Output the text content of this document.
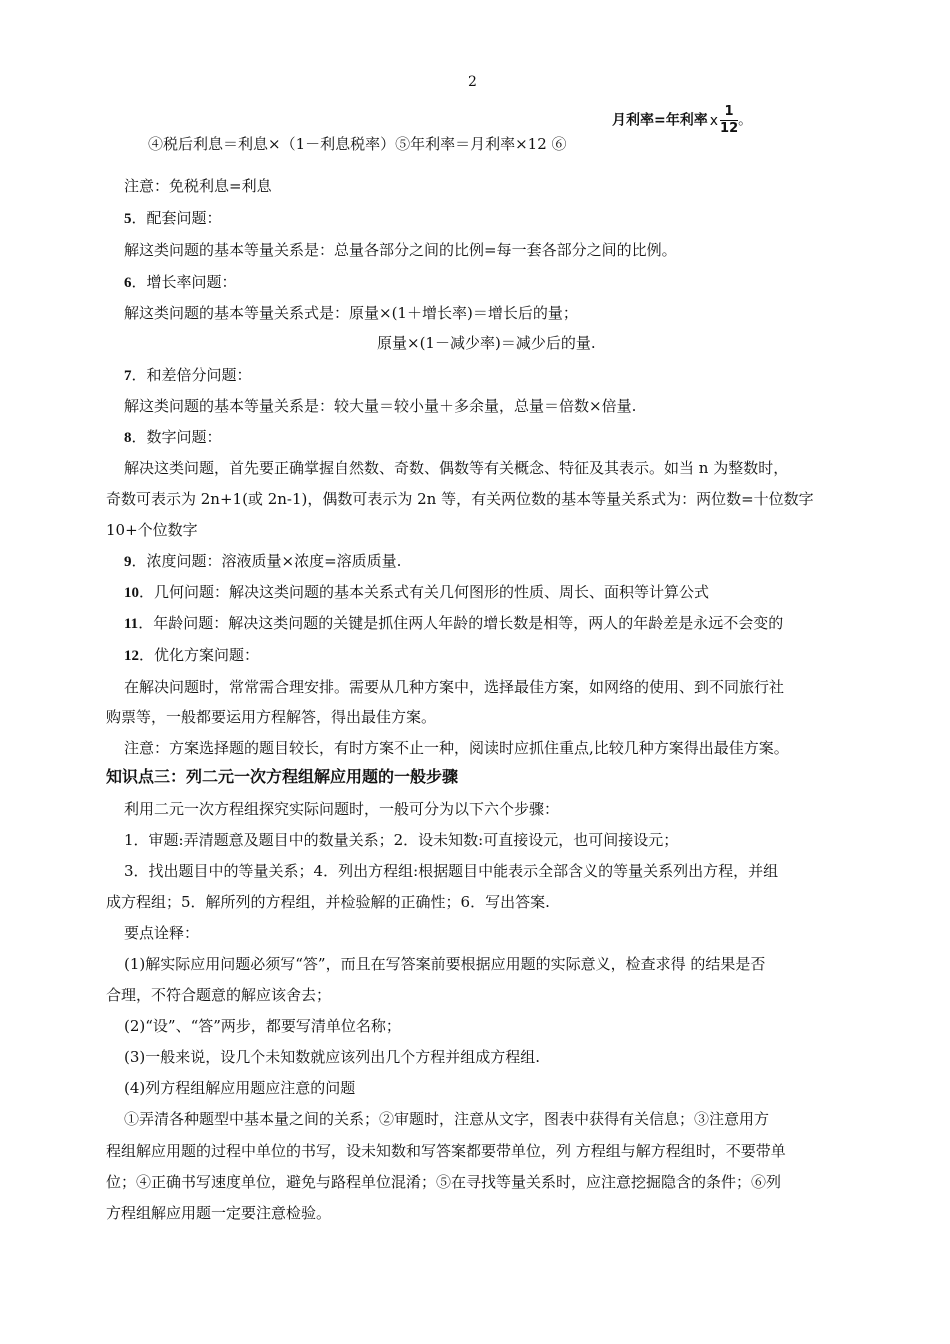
2
月利率=年利率 x $\frac{1}{12}$ 。
④税后利息＝利息×（1－利息税率）⑤年利率＝月利率×12 ⑥
注意：免税利息=利息
5．配套问题：
解这类问题的基本等量关系是：总量各部分之间的比例=每一套各部分之间的比例。
6．增长率问题：
解这类问题的基本等量关系式是：原量×(1＋增长率)＝增长后的量；
原量×(1－减少率)＝减少后的量.
7．和差倍分问题：
解这类问题的基本等量关系是：较大量＝较小量＋多余量，总量＝倍数×倍量.
8．数字问题：
解决这类问题，首先要正确掌握自然数、奇数、偶数等有关概念、特征及其表示。如当 n 为整数时，
奇数可表示为 2n+1(或 2n-1)，偶数可表示为 2n 等，有关两位数的基本等量关系式为：两位数=十位数字
10+个位数字
9．浓度问题：溶液质量×浓度=溶质质量.
10．几何问题：解决这类问题的基本关系式有关几何图形的性质、周长、面积等计算公式
11．年龄问题：解决这类问题的关键是抓住两人年龄的增长数是相等，两人的年龄差是永远不会变的
12．优化方案问题：
在解决问题时，常常需合理安排。需要从几种方案中，选择最佳方案，如网络的使用、到不同旅行社
购票等，一般都要运用方程解答，得出最佳方案。
注意：方案选择题的题目较长，有时方案不止一种，阅读时应抓住重点,比较几种方案得出最佳方案。
知识点三：列二元一次方程组解应用题的一般步骤
利用二元一次方程组探究实际问题时，一般可分为以下六个步骤：
1．审题:弄清题意及题目中的数量关系；2．设未知数:可直接设元，也可间接设元；
3．找出题目中的等量关系；4．列出方程组:根据题目中能表示全部含义的等量关系列出方程，并组
成方程组；5．解所列的方程组，并检验解的正确性；6．写出答案.
要点诠释：
(1)解实际应用问题必须写“答”，而且在写答案前要根据应用题的实际意义，检查求得 的结果是否
合理，不符合题意的解应该舍去；
(2)“设”、“答”两步，都要写清单位名称；
(3)一般来说，设几个未知数就应该列出几个方程并组成方程组.
(4)列方程组解应用题应注意的问题
①弄清各种题型中基本量之间的关系；②审题时，注意从文字，图表中获得有关信息；③注意用方
程组解应用题的过程中单位的书写，设未知数和写答案都要带单位，列 方程组与解方程组时，不要带单
位；④正确书写速度单位，避免与路程单位混淆；⑤在寻找等量关系时，应注意挖掘隐含的条件；⑥列
方程组解应用题一定要注意检验。
